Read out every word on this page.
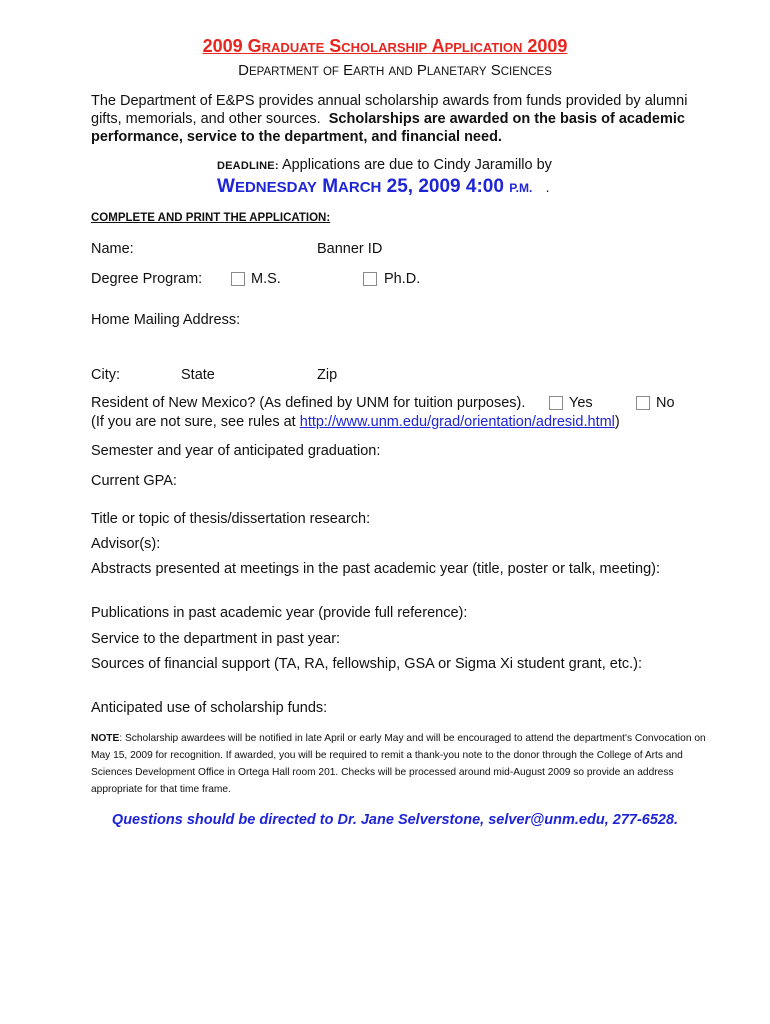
2009 GRADUATE SCHOLARSHIP APPLICATION 2009
DEPARTMENT OF EARTH AND PLANETARY SCIENCES
The Department of E&PS provides annual scholarship awards from funds provided by alumni gifts, memorials, and other sources. Scholarships are awarded on the basis of academic performance, service to the department, and financial need.
DEADLINE: Applications are due to Cindy Jaramillo by
WEDNESDAY MARCH 25, 2009 4:00 P.M. .
COMPLETE AND PRINT THE APPLICATION:
Name:	Banner ID
Degree Program:	M.S.	Ph.D.
Home Mailing Address:
City:	State	Zip
Resident of New Mexico? (As defined by UNM for tuition purposes).	Yes	No
(If you are not sure, see rules at http://www.unm.edu/grad/orientation/adresid.html)
Semester and year of anticipated graduation:
Current GPA:
Title or topic of thesis/dissertation research:
Advisor(s):
Abstracts presented at meetings in the past academic year (title, poster or talk, meeting):
Publications in past academic year (provide full reference):
Service to the department in past year:
Sources of financial support (TA, RA, fellowship, GSA or Sigma Xi student grant, etc.):
Anticipated use of scholarship funds:
NOTE: Scholarship awardees will be notified in late April or early May and will be encouraged to attend the department's Convocation on May 15, 2009 for recognition. If awarded, you will be required to remit a thank-you note to the donor through the College of Arts and Sciences Development Office in Ortega Hall room 201. Checks will be processed around mid-August 2009 so provide an address appropriate for that time frame.
Questions should be directed to Dr. Jane Selverstone, selver@unm.edu, 277-6528.
